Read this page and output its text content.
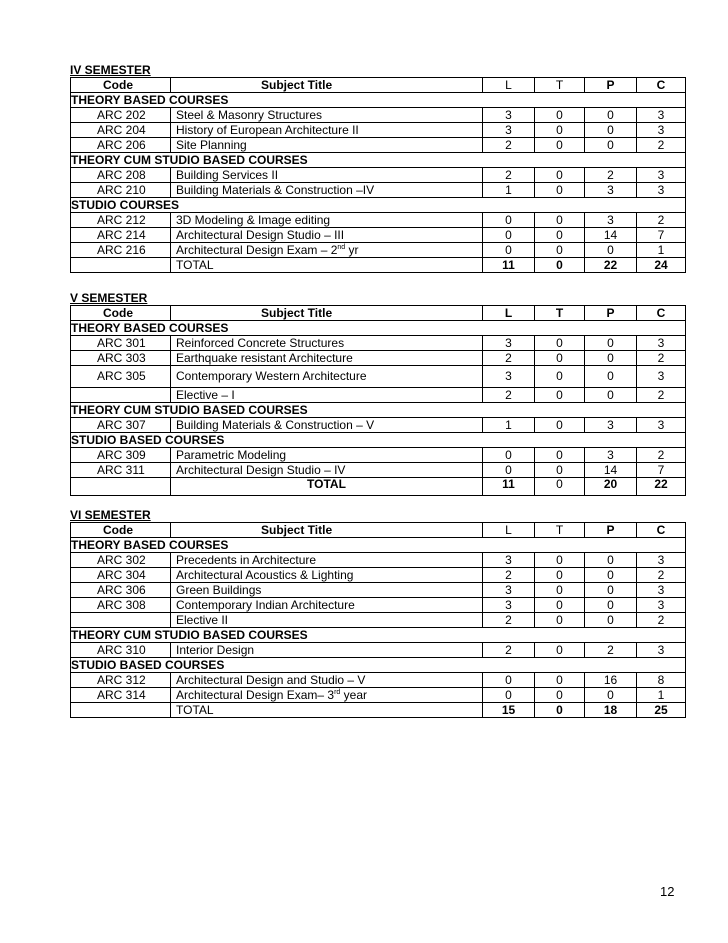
IV SEMESTER
Code	Subject Title	L	T	P	C
THEORY BASED COURSES					
ARC 202	Steel & Masonry Structures	3	0	0	3
ARC 204	History of European Architecture II	3	0	0	3
ARC 206	Site Planning	2	0	0	2
THEORY CUM STUDIO BASED COURSES					
ARC 208	Building Services II	2	0	2	3
ARC 210	Building Materials & Construction –IV	1	0	3	3
STUDIO COURSES					
ARC 212	3D Modeling & Image editing	0	0	3	2
ARC 214	Architectural Design Studio – III	0	0	14	7
ARC 216	Architectural Design Exam – 2nd yr	0	0	0	1
	TOTAL	11	0	22	24
V SEMESTER
Code	Subject Title	L	T	P	C
THEORY BASED COURSES					
ARC 301	Reinforced Concrete Structures	3	0	0	3
ARC 303	Earthquake resistant Architecture	2	0	0	2
ARC 305	Contemporary Western Architecture	3	0	0	3
	Elective – I	2	0	0	2
THEORY CUM STUDIO BASED COURSES					
ARC 307	Building Materials & Construction – V	1	0	3	3
STUDIO BASED COURSES					
ARC 309	Parametric Modeling	0	0	3	2
ARC 311	Architectural Design Studio – IV	0	0	14	7
	TOTAL	11	0	20	22
VI SEMESTER
Code	Subject Title	L	T	P	C
THEORY BASED COURSES					
ARC 302	Precedents in Architecture	3	0	0	3
ARC 304	Architectural Acoustics & Lighting	2	0	0	2
ARC 306	Green Buildings	3	0	0	3
ARC 308	Contemporary Indian Architecture	3	0	0	3
	Elective II	2	0	0	2
THEORY CUM STUDIO BASED COURSES					
ARC 310	Interior Design	2	0	2	3
STUDIO BASED COURSES					
ARC 312	Architectural Design and Studio – V	0	0	16	8
ARC 314	Architectural Design Exam– 3rd year	0	0	0	1
	TOTAL	15	0	18	25
12
